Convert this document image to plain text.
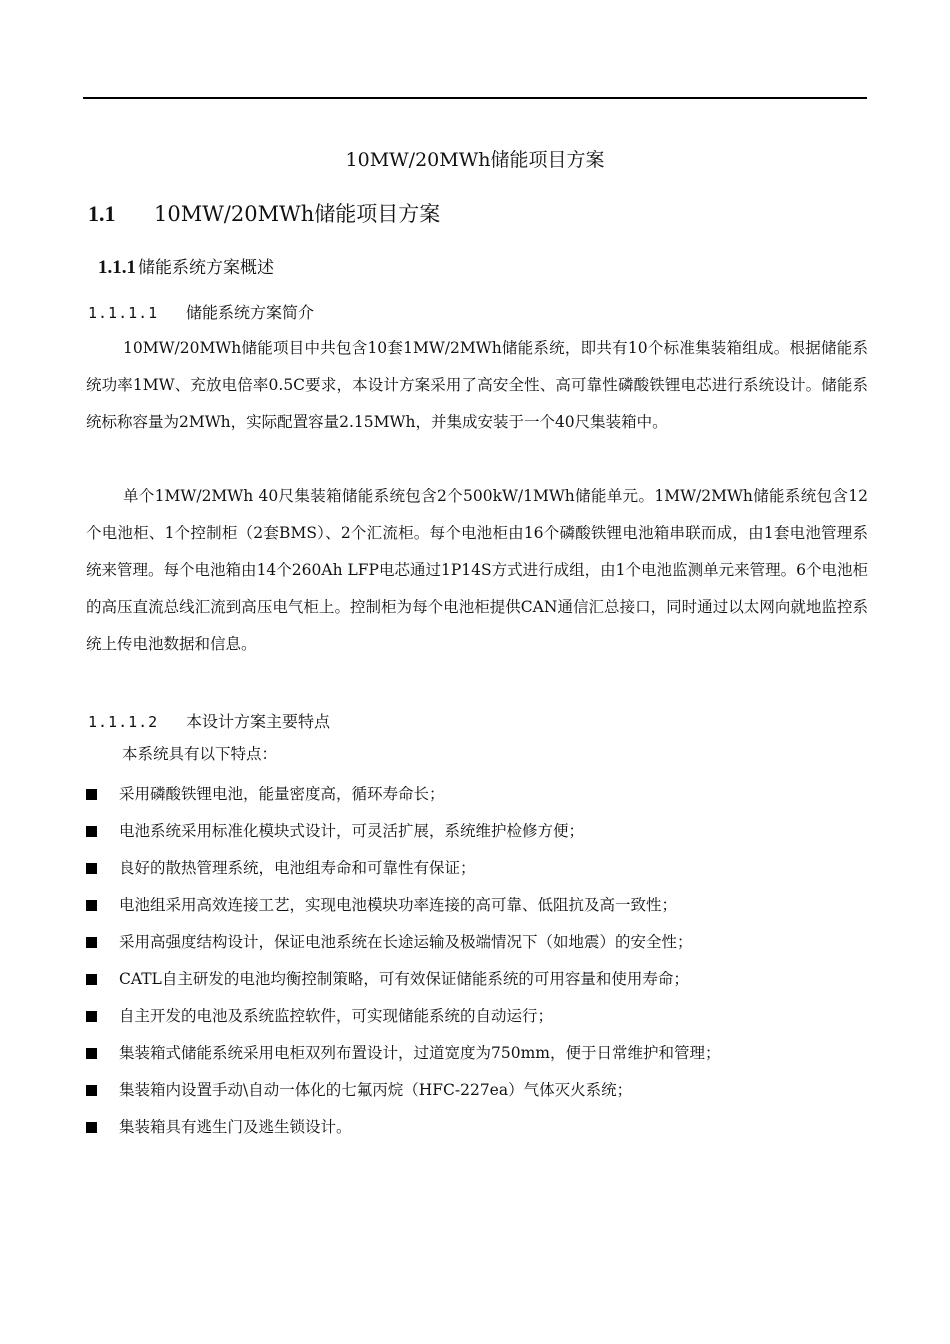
10MW/20MWh储能项目方案
1.1 10MW/20MWh储能项目方案
1.1.1 储能系统方案概述
1.1.1.1 储能系统方案简介

10MW/20MWh储能项目中共包含10套1MW/2MWh储能系统，即共有10个标准集装箱组成。根据储能系统功率1MW、充放电倍率0.5C要求，本设计方案采用了高安全性、高可靠性磷酸铁锂电芯进行系统设计。储能系统标称容量为2MWh，实际配置容量2.15MWh，并集成安装于一个40尺集装箱中。

单个1MW/2MWh 40尺集装箱储能系统包含2个500kW/1MWh储能单元。1MW/2MWh储能系统包含12个电池柜、1个控制柜（2套BMS）、2个汇流柜。每个电池柜由16个磷酸铁锂电池箱串联而成，由1套电池管理系统来管理。每个电池箱由14个260Ah LFP电芯通过1P14S方式进行成组，由1个电池监测单元来管理。6个电池柜的高压直流总线汇流到高压电气柜上。控制柜为每个电池柜提供CAN通信汇总接口，同时通过以太网向就地监控系统上传电池数据和信息。

1.1.1.2 本设计方案主要特点
本系统具有以下特点：
采用磷酸铁锂电池，能量密度高，循环寿命长；
电池系统采用标准化模块式设计，可灵活扩展，系统维护检修方便；
良好的散热管理系统，电池组寿命和可靠性有保证；
电池组采用高效连接工艺，实现电池模块功率连接的高可靠、低阻抗及高一致性；
采用高强度结构设计，保证电池系统在长途运输及极端情况下（如地震）的安全性；
CATL自主研发的电池均衡控制策略，可有效保证储能系统的可用容量和使用寿命；
自主开发的电池及系统监控软件，可实现储能系统的自动运行；
集装箱式储能系统采用电柜双列布置设计，过道宽度为750mm，便于日常维护和管理；
集装箱内设置手动\自动一体化的七氟丙烷（HFC-227ea）气体灭火系统；
集装箱具有逃生门及逃生锁设计。
